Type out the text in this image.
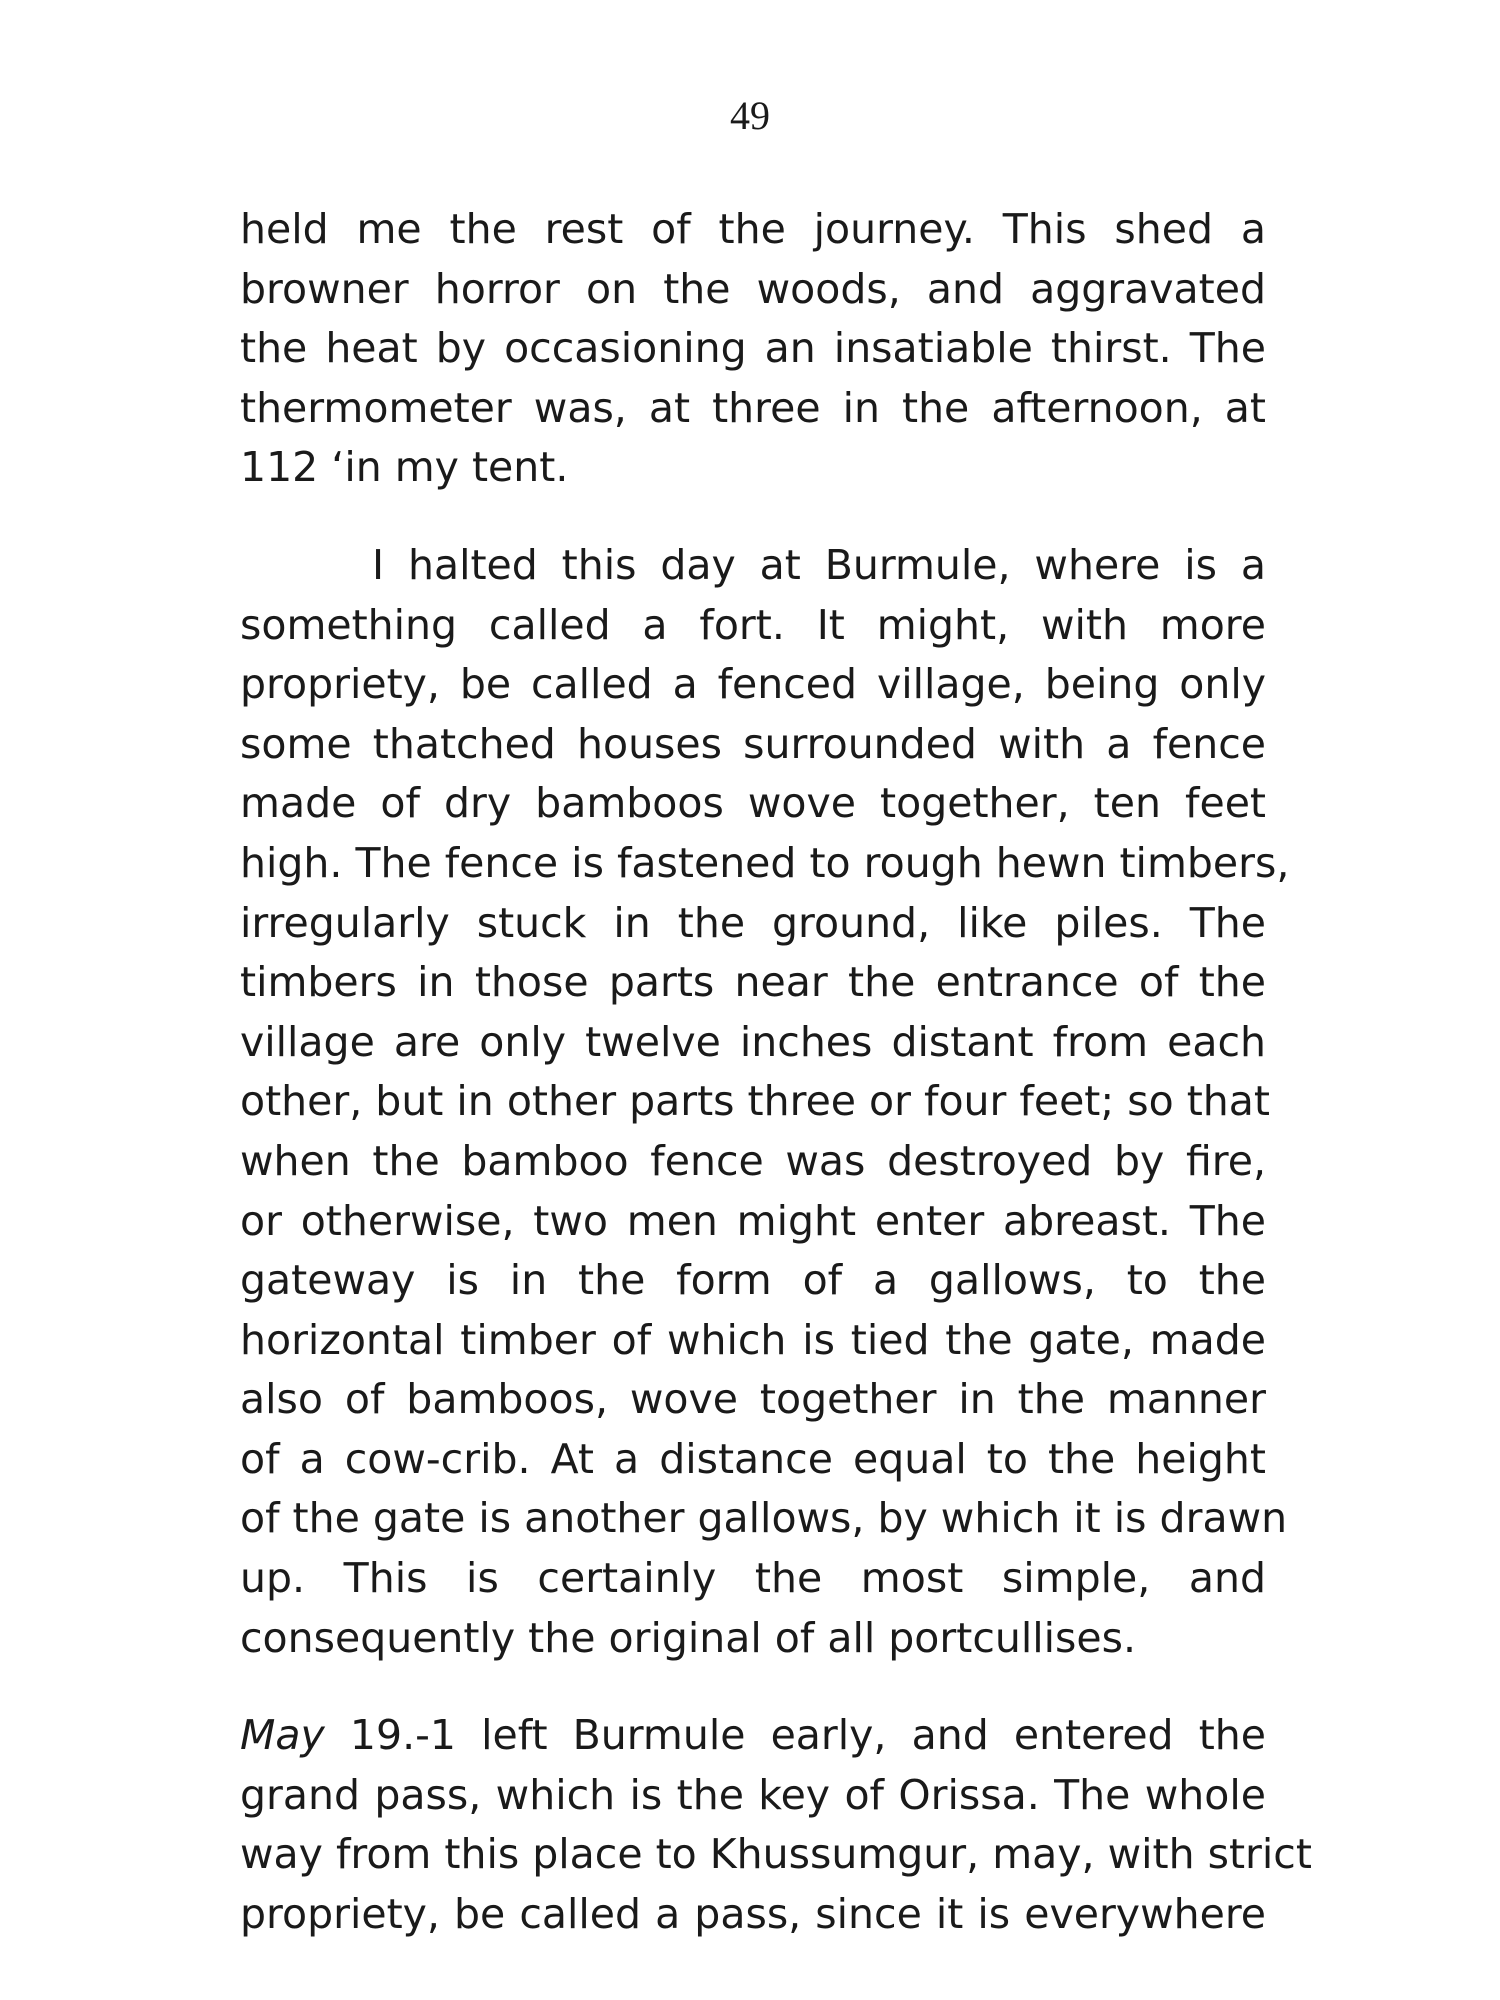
49
held me the rest of the journey. This shed a
browner horror on the woods, and aggravated
the heat by occasioning an insatiable thirst. The
thermometer was, at three in the afternoon, at
112 ‘in my tent.
I halted this day at Burmule, where is a
something called a fort. It might, with more
propriety, be called a fenced village, being only
some thatched houses surrounded with a fence
made of dry bamboos wove together, ten feet
high. The fence is fastened to rough hewn timbers,
irregularly stuck in the ground, like piles. The
timbers in those parts near the entrance of the
village are only twelve inches distant from each
other, but in other parts three or four feet; so that
when the bamboo fence was destroyed by fire,
or otherwise, two men might enter abreast. The
gateway is in the form of a gallows, to the
horizontal timber of which is tied the gate, made
also of bamboos, wove together in the manner
of a cow-crib. At a distance equal to the height
of the gate is another gallows, by which it is drawn
up. This is certainly the most simple, and
consequently the original of all portcullises.
May 19.-1 left Burmule early, and entered the
grand pass, which is the key of Orissa. The whole
way from this place to Khussumgur, may, with strict
propriety, be called a pass, since it is everywhere
